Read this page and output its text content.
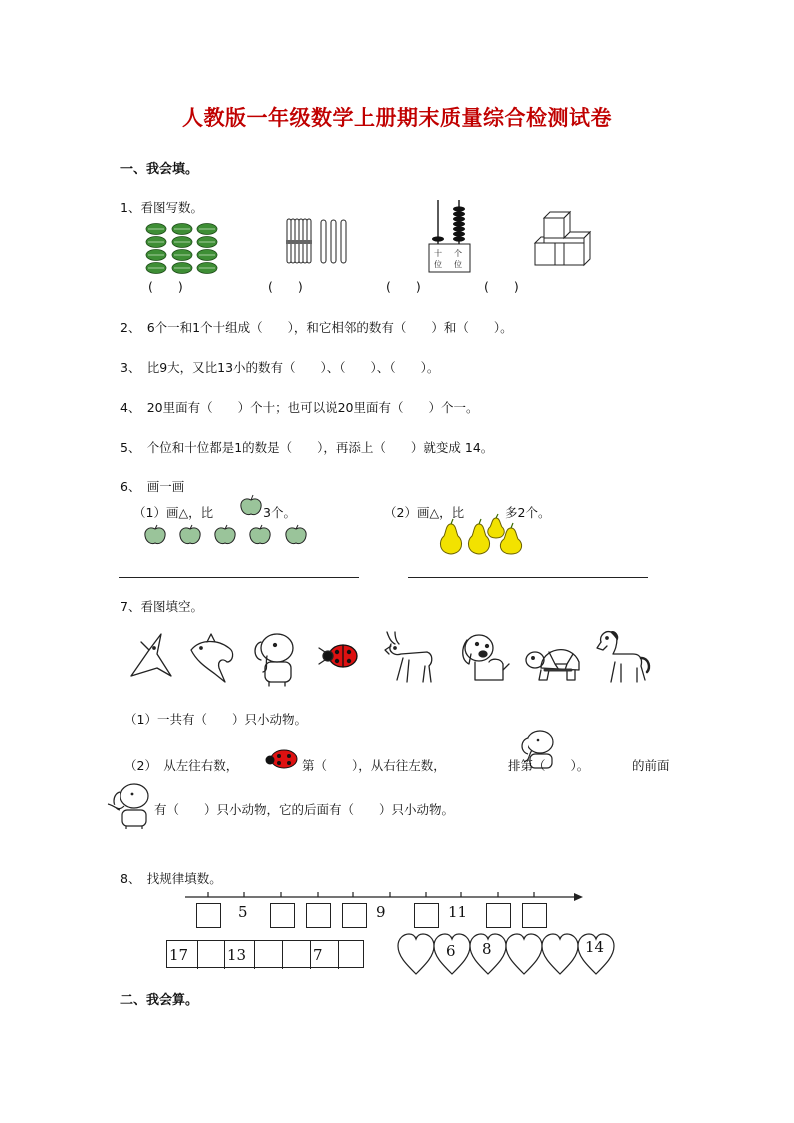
人教版一年级数学上册期末质量综合检测试卷
一、我会填。
1、看图写数。
十 个
位 位
(　　)	(　　)	(　　)	(　　)
2、　6个一和1个十组成（　　），和它相邻的数有（　　）和（　　）。
3、　比9大，又比13小的数有（　　）、（　　）、（　　）。
4、　20里面有（　　）个十；也可以说20里面有（　　）个一。
5、　个位和十位都是1的数是（　　），再添上（　　）就变成 14。
6、　画一画
（1）画△，比	3个。	（2）画△，比	多2个。
7、看图填空。
（1）一共有（　　）只小动物。
（2）　从左往右数，	第（　　），从右往左数，	排第（　　）。	的前面
有（　　）只小动物，它的后面有（　　）只小动物。
8、　找规律填数。
5	9	11
17	13	7	6 8	14
二、我会算。
